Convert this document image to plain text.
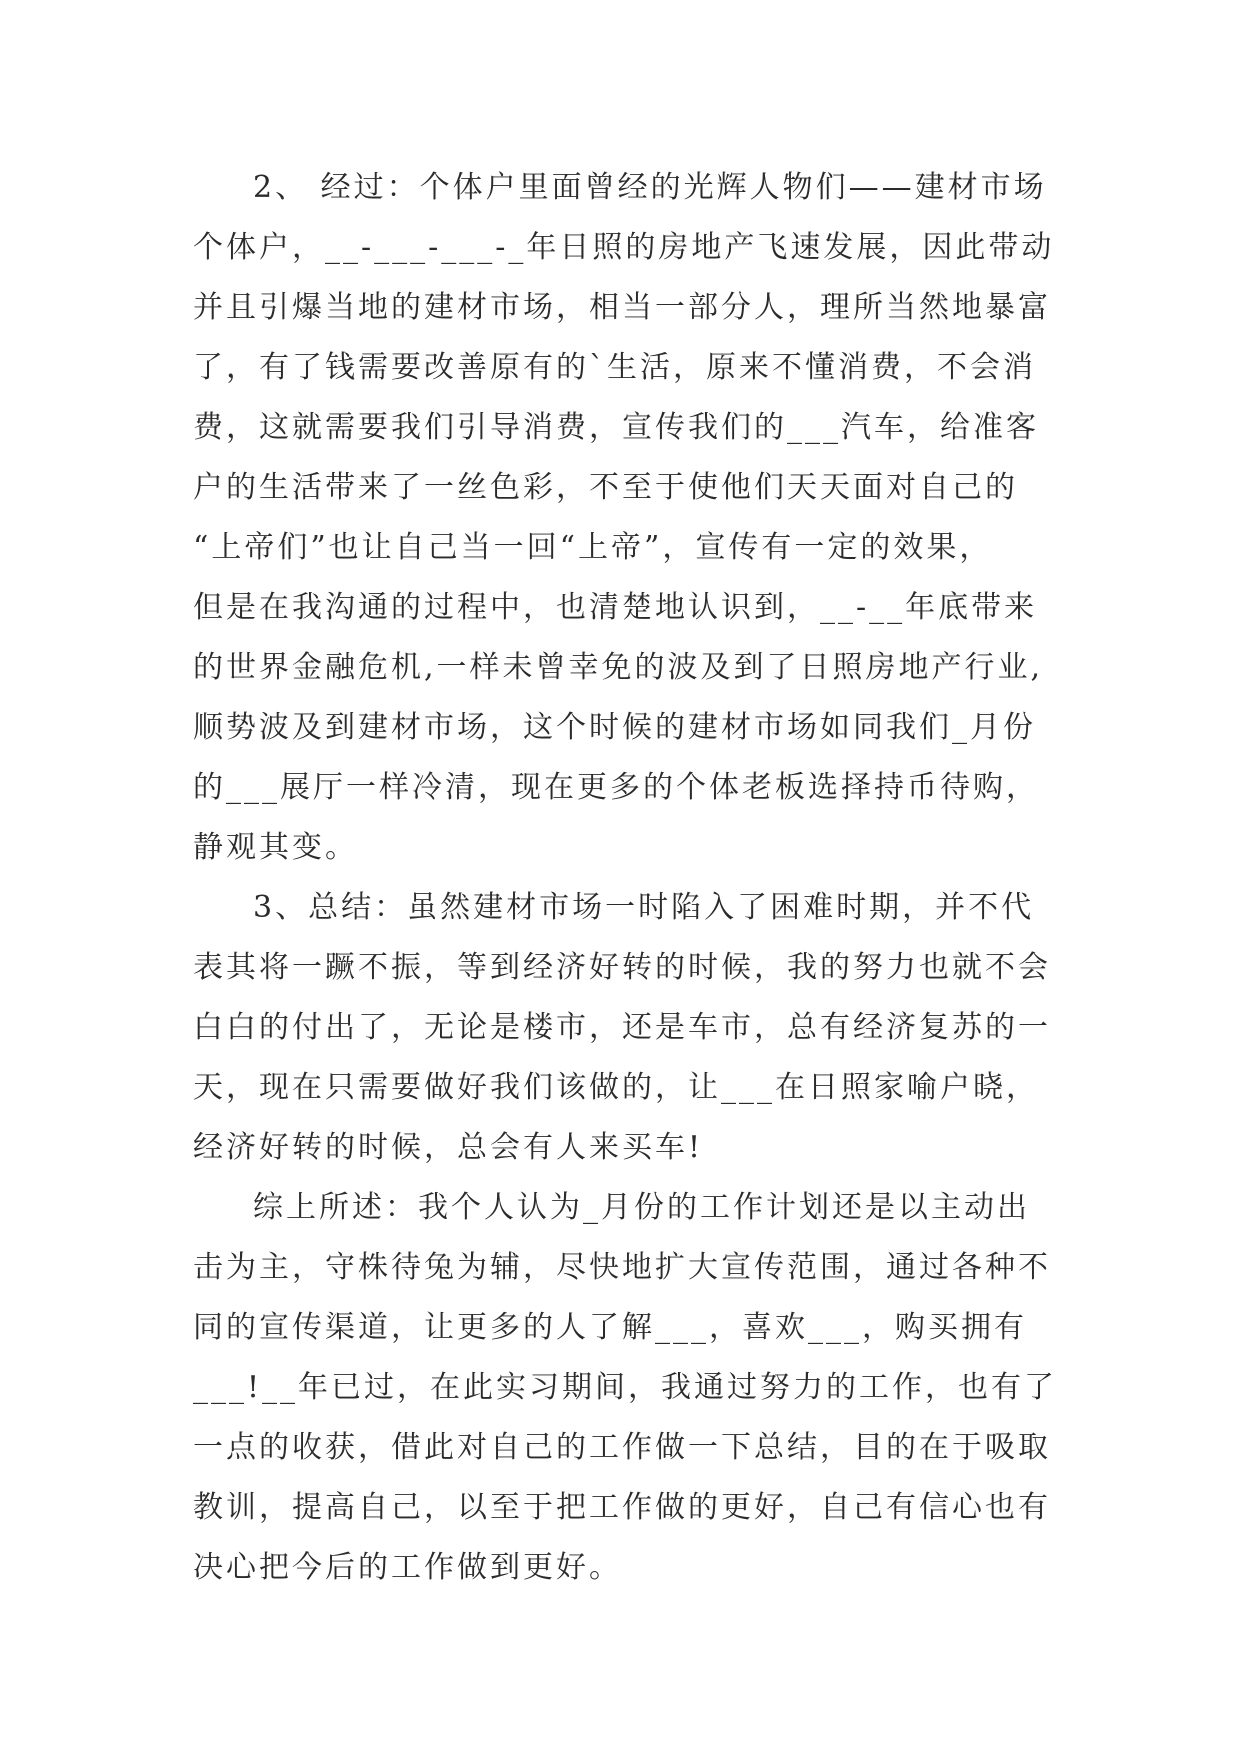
2、 经过：个体户里面曾经的光辉人物们——建材市场
个体户，__-___-___-_年日照的房地产飞速发展，因此带动
并且引爆当地的建材市场，相当一部分人，理所当然地暴富
了，有了钱需要改善原有的`生活，原来不懂消费，不会消
费，这就需要我们引导消费，宣传我们的___汽车，给准客
户的生活带来了一丝色彩，不至于使他们天天面对自己的
“上帝们”也让自己当一回“上帝”，宣传有一定的效果，
但是在我沟通的过程中，也清楚地认识到，__-__年底带来
的世界金融危机,一样未曾幸免的波及到了日照房地产行业,
顺势波及到建材市场，这个时候的建材市场如同我们_月份
的___展厅一样冷清，现在更多的个体老板选择持币待购，
静观其变。

3、总结：虽然建材市场一时陷入了困难时期，并不代
表其将一蹶不振，等到经济好转的时候，我的努力也就不会
白白的付出了，无论是楼市，还是车市，总有经济复苏的一
天，现在只需要做好我们该做的，让___在日照家喻户晓，
经济好转的时候，总会有人来买车!

综上所述：我个人认为_月份的工作计划还是以主动出
击为主，守株待兔为辅，尽快地扩大宣传范围，通过各种不
同的宣传渠道，让更多的人了解___，喜欢___，购买拥有
___!__年已过，在此实习期间，我通过努力的工作，也有了
一点的收获，借此对自己的工作做一下总结，目的在于吸取
教训，提高自己，以至于把工作做的更好，自己有信心也有
决心把今后的工作做到更好。
